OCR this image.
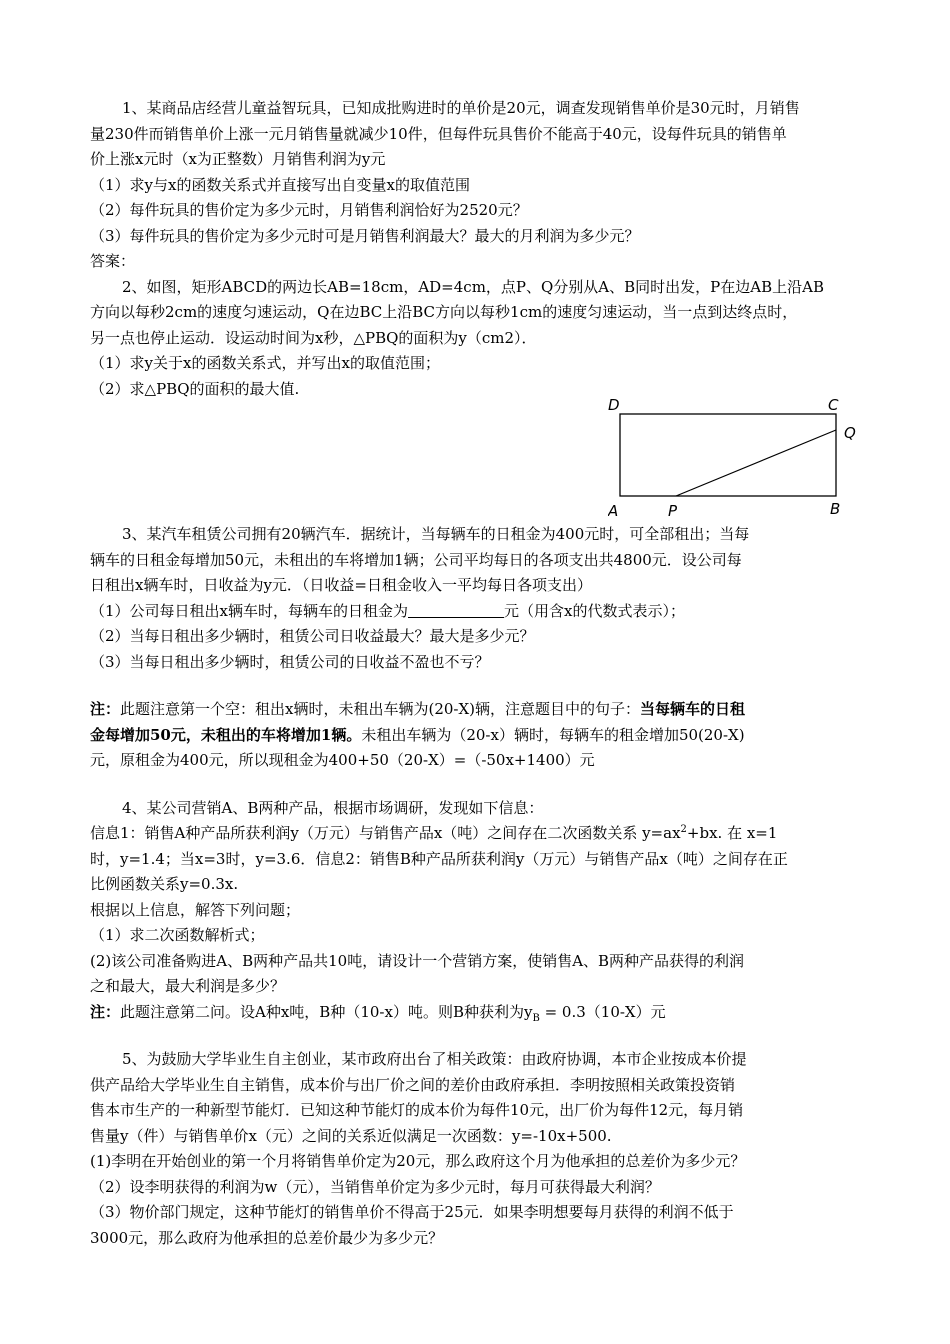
1、某商品店经营儿童益智玩具，已知成批购进时的单价是20元，调查发现销售单价是30元时，月销售
量230件而销售单价上涨一元月销售量就减少10件，但每件玩具售价不能高于40元，设每件玩具的销售单
价上涨x元时（x为正整数）月销售利润为y元
（1）求y与x的函数关系式并直接写出自变量x的取值范围
（2）每件玩具的售价定为多少元时，月销售利润恰好为2520元？
（3）每件玩具的售价定为多少元时可是月销售利润最大？最大的月利润为多少元？
答案：
2、如图，矩形ABCD的两边长AB=18cm，AD=4cm，点P、Q分别从A、B同时出发，P在边AB上沿AB
方向以每秒2cm的速度匀速运动，Q在边BC上沿BC方向以每秒1cm的速度匀速运动，当一点到达终点时，
另一点也停止运动．设运动时间为x秒，△PBQ的面积为y（cm2）．
（1）求y关于x的函数关系式，并写出x的取值范围；
（2）求△PBQ的面积的最大值.
D	C
Q
A	P	B
3、某汽车租赁公司拥有20辆汽车．据统计，当每辆车的日租金为400元时，可全部租出；当每
辆车的日租金每增加50元，未租出的车将增加1辆；公司平均每日的各项支出共4800元．设公司每
日租出x辆车时，日收益为y元．（日收益=日租金收入一平均每日各项支出）
（1）公司每日租出x辆车时，每辆车的日租金为	元（用含x的代数式表示）；
（2）当每日租出多少辆时，租赁公司日收益最大？最大是多少元？
（3）当每日租出多少辆时，租赁公司的日收益不盈也不亏？
注：此题注意第一个空：租出x辆时，未租出车辆为(20-X)辆，注意题目中的句子：当每辆车的日租
金每增加50元，未租出的车将增加1辆。未租出车辆为（20-x）辆时，每辆车的租金增加50(20-X)
元，原租金为400元，所以现租金为400+50（20-X）=（-50x+1400）元
4、某公司营销A、B两种产品，根据市场调研，发现如下信息：
信息1：销售A种产品所获利润y（万元）与销售产品x（吨）之间存在二次函数关系 $y=ax^2+bx$. 在 x=1
时，y=1.4；当x=3时，y=3.6．信息2：销售B种产品所获利润y（万元）与销售产品x（吨）之间存在正
比例函数关系y=0.3x.
根据以上信息，解答下列问题；
（1）求二次函数解析式；
(2)该公司准备购进A、B两种产品共10吨，请设计一个营销方案，使销售A、B两种产品获得的利润
之和最大，最大利润是多少？
注：此题注意第二问。设A种x吨，B种（10-x）吨。则B种获利为$y_B = 0.3(10-X)$元
5、为鼓励大学毕业生自主创业，某市政府出台了相关政策：由政府协调，本市企业按成本价提
供产品给大学毕业生自主销售，成本价与出厂价之间的差价由政府承担．李明按照相关政策投资销
售本市生产的一种新型节能灯．已知这种节能灯的成本价为每件10元，出厂价为每件12元，每月销
售量y（件）与销售单价x（元）之间的关系近似满足一次函数：y=-10x+500.
(1)李明在开始创业的第一个月将销售单价定为20元，那么政府这个月为他承担的总差价为多少元？
（2）设李明获得的利润为w（元），当销售单价定为多少元时，每月可获得最大利润？
（3）物价部门规定，这种节能灯的销售单价不得高于25元．如果李明想要每月获得的利润不低于
3000元，那么政府为他承担的总差价最少为多少元？
